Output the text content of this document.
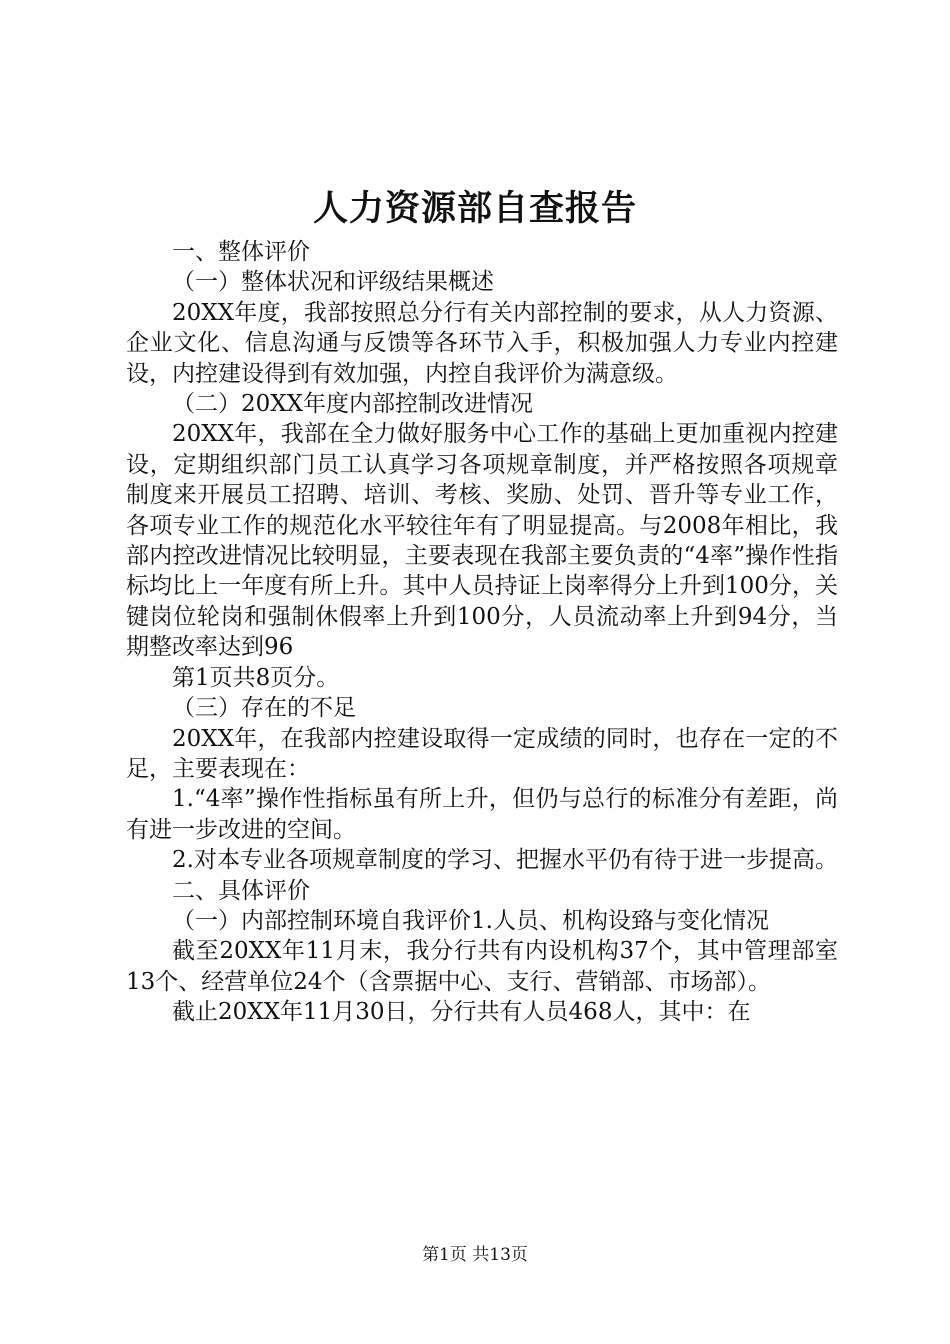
人力资源部自查报告

一、整体评价

（一）整体状况和评级结果概述

20XX年度，我部按照总分行有关内部控制的要求，从人力资源、企业文化、信息沟通与反馈等各环节入手，积极加强人力专业内控建设，内控建设得到有效加强，内控自我评价为满意级。

（二）20XX年度内部控制改进情况

20XX年，我部在全力做好服务中心工作的基础上更加重视内控建设，定期组织部门员工认真学习各项规章制度，并严格按照各项规章制度来开展员工招聘、培训、考核、奖励、处罚、晋升等专业工作，各项专业工作的规范化水平较往年有了明显提高。与2008年相比，我部内控改进情况比较明显，主要表现在我部主要负责的“4率”操作性指标均比上一年度有所上升。其中人员持证上岗率得分上升到100分，关键岗位轮岗和强制休假率上升到100分，人员流动率上升到94分，当期整改率达到96

第1页共8页分。

（三）存在的不足

20XX年，在我部内控建设取得一定成绩的同时，也存在一定的不足，主要表现在：

1.“4率”操作性指标虽有所上升，但仍与总行的标准分有差距，尚有进一步改进的空间。

2.对本专业各项规章制度的学习、把握水平仍有待于进一步提高。

二、具体评价

（一）内部控制环境自我评价1.人员、机构设臵与变化情况

截至20XX年11月末，我分行共有内设机构37个，其中管理部室13个、经营单位24个（含票据中心、支行、营销部、市场部）。

截止20XX年11月30日，分行共有人员468人，其中：在

第1页 共13页
